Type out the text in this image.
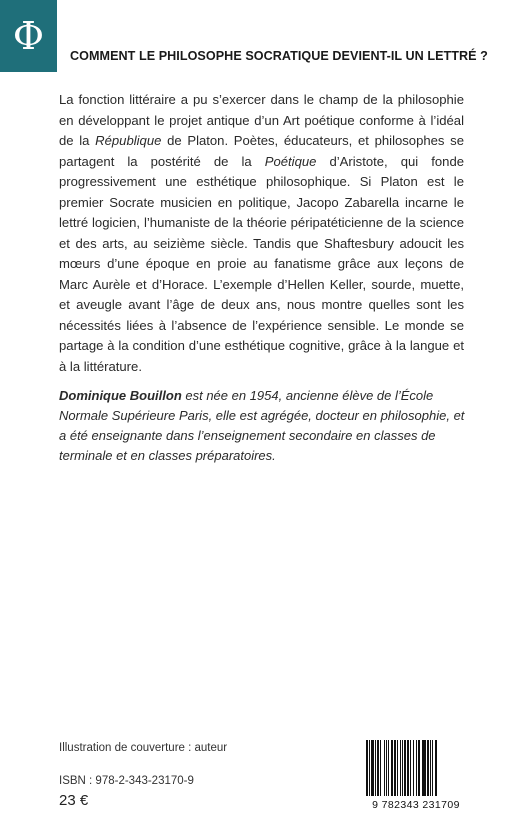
Φ COMMENT LE PHILOSOPHE SOCRATIQUE DEVIENT-IL UN LETTRÉ ?

La fonction littéraire a pu s’exercer dans le champ de la philosophie en développant le projet antique d’un Art poétique conforme à l’idéal de la République de Platon. Poètes, éducateurs, et philosophes se partagent la postérité de la Poétique d’Aristote, qui fonde progressivement une esthétique philosophique. Si Platon est le premier Socrate musicien en politique, Jacopo Zabarella incarne le lettré logicien, l’humaniste de la théorie péripatéticienne de la science et des arts, au seizième siècle. Tandis que Shaftesbury adoucit les mœurs d’une époque en proie au fanatisme grâce aux leçons de Marc Aurèle et d’Horace. L’exemple d’Hellen Keller, sourde, muette, et aveugle avant l’âge de deux ans, nous montre quelles sont les nécessités liées à l’absence de l’expérience sensible. Le monde se partage à la condition d’une esthétique cognitive, grâce à la langue et à la littérature.

Dominique Bouillon est née en 1954, ancienne élève de l’École Normale Supérieure Paris, elle est agrégée, docteur en philosophie, et a été enseignante dans l’enseignement secondaire en classes de terminale et en classes préparatoires.
Illustration de couverture : auteur
ISBN : 978-2-343-23170-9
23 €	9 782343 231709
